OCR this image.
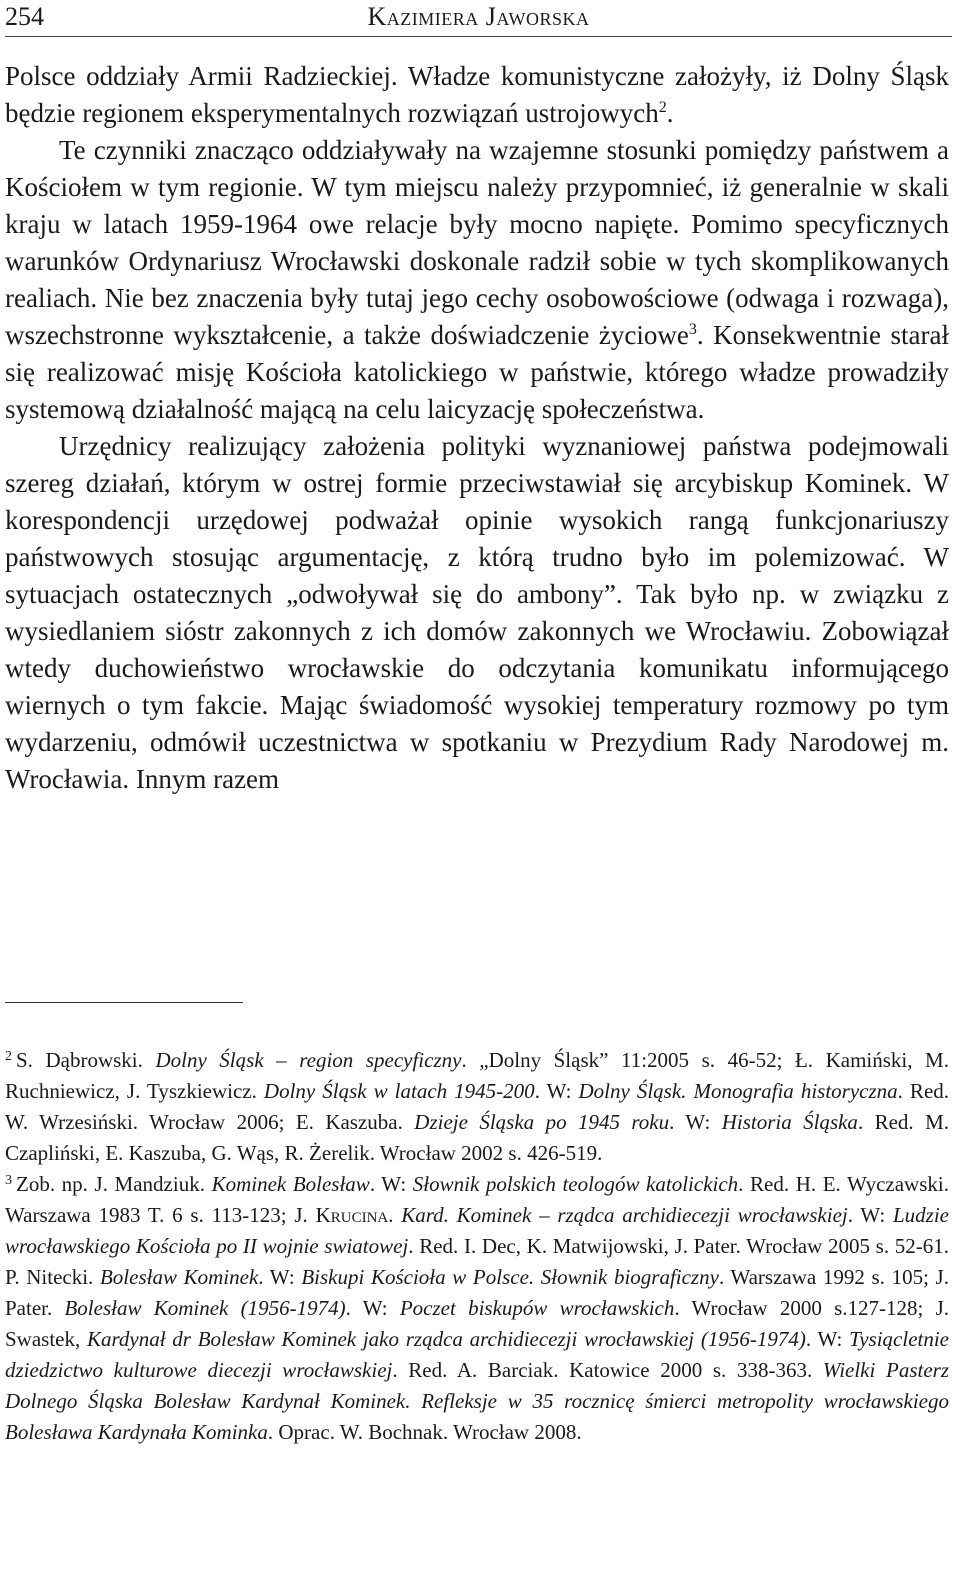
254	Kazimiera Jaworska

Polsce oddziały Armii Radzieckiej. Władze komunistyczne założyły, iż Dolny Śląsk będzie regionem eksperymentalnych rozwiązań ustrojowych$^2$.

Te czynniki znacząco oddziaływały na wzajemne stosunki pomiędzy państwem a Kościołem w tym regionie. W tym miejscu należy przypomnieć, iż generalnie w skali kraju w latach 1959-1964 owe relacje były mocno napięte. Pomimo specyficznych warunków Ordynariusz Wrocławski doskonale radził sobie w tych skomplikowanych realiach. Nie bez znaczenia były tutaj jego cechy osobowościowe (odwaga i rozwaga), wszechstronne wykształcenie, a także doświadczenie życiowe$^3$. Konsekwentnie starał się realizować misję Kościoła katolickiego w państwie, którego władze prowadziły systemową działalność mającą na celu laicyzację społeczeństwa.

Urzędnicy realizujący założenia polityki wyznaniowej państwa podejmowali szereg działań, którym w ostrej formie przeciwstawiał się arcybiskup Kominek. W korespondencji urzędowej podważał opinie wysokich rangą funkcjonariuszy państwowych stosując argumentację, z którą trudno było im polemizować. W sytuacjach ostatecznych „odwoływał się do ambony”. Tak było np. w związku z wysiedlaniem sióstr zakonnych z ich domów zakonnych we Wrocławiu. Zobowiązał wtedy duchowieństwo wrocławskie do odczytania komunikatu informującego wiernych o tym fakcie. Mając świadomość wysokiej temperatury rozmowy po tym wydarzeniu, odmówił uczestnictwa w spotkaniu w Prezydium Rady Narodowej m. Wrocławia. Innym razem

$^2$ S. Dąbrowski. Dolny Śląsk – region specyficzny. „Dolny Śląsk” 11:2005 s. 46-52; Ł. Kamiński, M. Ruchniewicz, J. Tyszkiewicz. Dolny Śląsk w latach 1945-200. W: Dolny Śląsk. Monografia historyczna. Red. W. Wrzesiński. Wrocław 2006; E. Kaszuba. Dzieje Śląska po 1945 roku. W: Historia Śląska. Red. M. Czapliński, E. Kaszuba, G. Wąs, R. Żerelik. Wrocław 2002 s. 426-519.

$^3$ Zob. np. J. Mandziuk. Kominek Bolesław. W: Słownik polskich teologów katolickich. Red. H. E. Wyczawski. Warszawa 1983 T. 6 s. 113-123; J. Krucina. Kard. Kominek – rządca archidiecezji wrocławskiej. W: Ludzie wrocławskiego Kościoła po II wojnie swiatowej. Red. I. Dec, K. Matwijowski, J. Pater. Wrocław 2005 s. 52-61. P. Nitecki. Bolesław Kominek. W: Biskupi Kościoła w Polsce. Słownik biograficzny. Warszawa 1992 s. 105; J. Pater. Bolesław Kominek (1956-1974). W: Poczet biskupów wrocławskich. Wrocław 2000 s.127-128; J. Swastek, Kardynał dr Bolesław Kominek jako rządca archidiecezji wrocławskiej (1956-1974). W: Tysiącletnie dziedzictwo kulturowe diecezji wrocławskiej. Red. A. Barciak. Katowice 2000 s. 338-363. Wielki Pasterz Dolnego Śląska Bolesław Kardynał Kominek. Refleksje w 35 rocznicę śmierci metropolity wrocławskiego Bolesława Kardynała Kominka. Oprac. W. Bochnak. Wrocław 2008.
